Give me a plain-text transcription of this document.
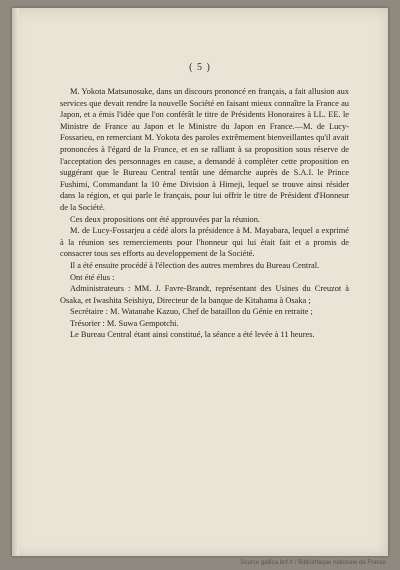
( 5 )

M. Yokota Matsunosuke, dans un discours prononcé en français, a fait allusion aux services que devait rendre la nouvelle Société en faisant mieux connaître la France au Japon, et a émis l'idée que l'on conférât le titre de Présidents Honoraires à LL. EE. le Ministre de France au Japon et le Ministre du Japon en France.—M. de Lucy-Fossarieu, en remerciant M. Yokota des paroles extrêmement bienveillantes qu'il avait prononcées à l'égard de la France, et en se ralliant à sa proposition sous réserve de l'acceptation des personnages en cause, a demandé à compléter cette proposition en suggérant que le Bureau Central tentât une démarche auprès de S.A.I. le Prince Fushimi, Commandant la 10 ème Division à Himeji, lequel se trouve ainsi résider dans la région, et qui parle le français, pour lui offrir le titre de Président d'Honneur de la Société.

Ces deux propositions ont été approuvées par la réunion.

M. de Lucy-Fossarjeu a cédé alors la présidence à M. Mayabara, lequel a exprimé à la réunion ses remerciements pour l'honneur qui lui était fait et a promis de consacrer tous ses efforts au developpement de la Société.

Il a été ensuite procédé à l'élection des autres membres du Bureau Central.

Ont été élus :

Administrateurs : MM. J. Favre-Brandt, représentant des Usines du Creuzot à Osaka, et Iwashita Seishiyu, Directeur de la banque de Kitahama à Osaka ;

Secrétaire : M. Watanabe Kazuo, Chef de bataillon du Génie en retraite ;

Trésorier : M. Suwa Gempotchi.

Le Bureau Central étant ainsi constitué, la séance a été levée à 11 heures.

Source gallica.bnf.fr / Bibliothèque nationale de France
